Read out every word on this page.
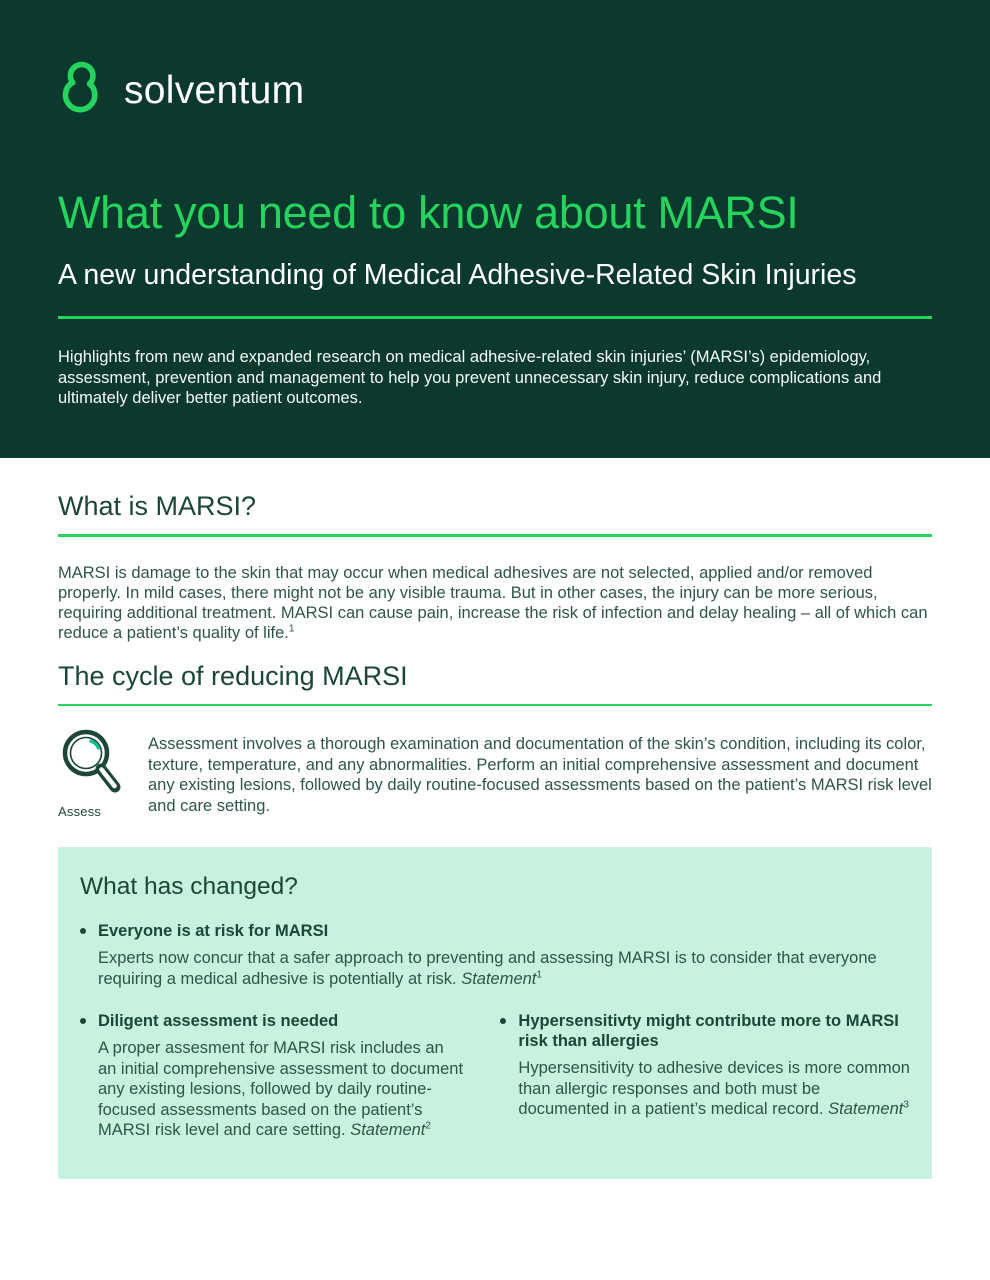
solventum
What you need to know about MARSI
A new understanding of Medical Adhesive-Related Skin Injuries
Highlights from new and expanded research on medical adhesive-related skin injuries’ (MARSI’s) epidemiology, assessment, prevention and management to help you prevent unnecessary skin injury, reduce complications and ultimately deliver better patient outcomes.
What is MARSI?
MARSI is damage to the skin that may occur when medical adhesives are not selected, applied and/or removed properly. In mild cases, there might not be any visible trauma. But in other cases, the injury can be more serious, requiring additional treatment. MARSI can cause pain, increase the risk of infection and delay healing – all of which can reduce a patient’s quality of life.$^1$
The cycle of reducing MARSI
Assess
Assessment involves a thorough examination and documentation of the skin’s condition, including its color, texture, temperature, and any abnormalities. Perform an initial comprehensive assessment and document any existing lesions, followed by daily routine-focused assessments based on the patient’s MARSI risk level and care setting.
What has changed?
Everyone is at risk for MARSI
Experts now concur that a safer approach to preventing and assessing MARSI is to consider that everyone requiring a medical adhesive is potentially at risk. Statement$^1$
Diligent assessment is needed
A proper assesment for MARSI risk includes an an initial comprehensive assessment to document any existing lesions, followed by daily routine-focused assessments based on the patient’s MARSI risk level and care setting. Statement$^2$
Hypersensitivty might contribute more to MARSI risk than allergies
Hypersensitivity to adhesive devices is more common than allergic responses and both must be documented in a patient’s medical record. Statement$^3$
